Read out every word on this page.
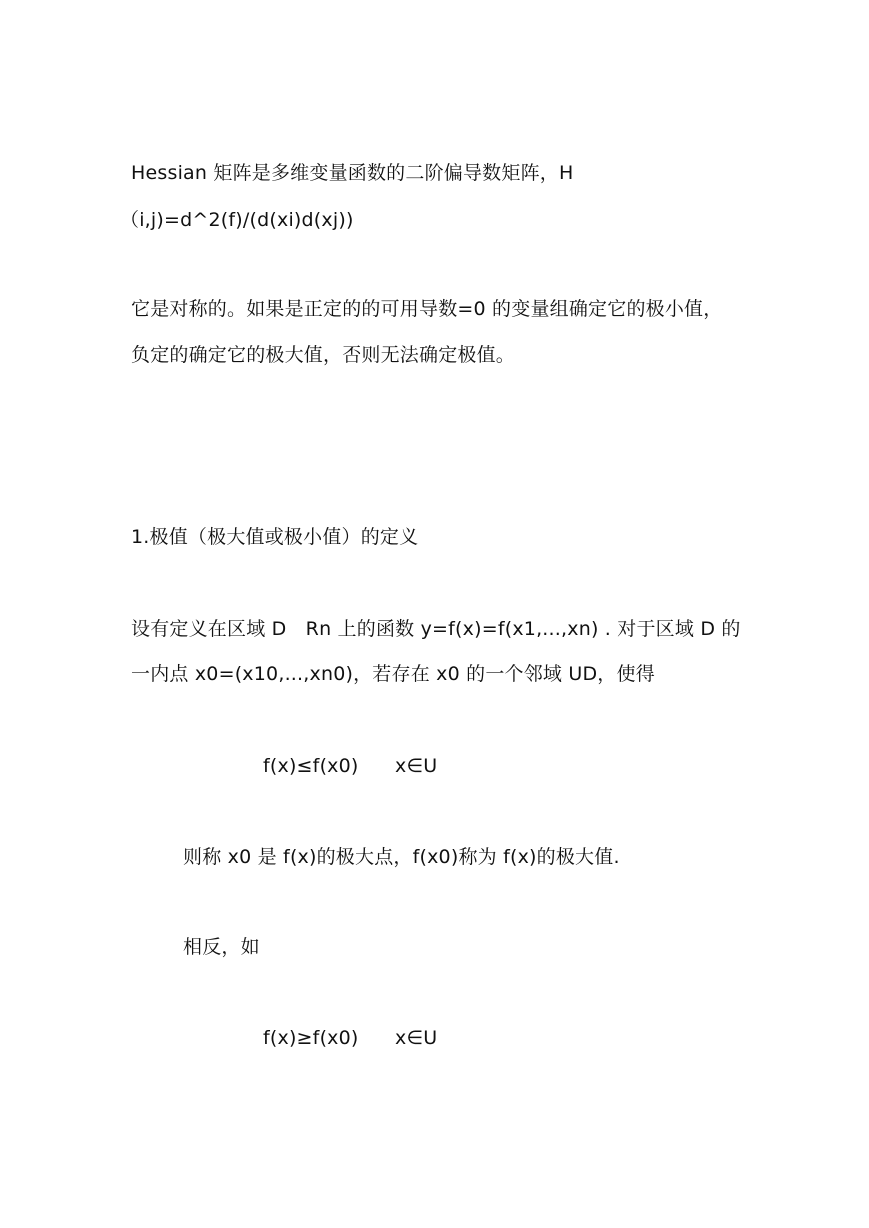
Hessian 矩阵是多维变量函数的二阶偏导数矩阵，H
（i,j)=d^2(f)/(d(xi)d(xj))
它是对称的。如果是正定的的可用导数=0 的变量组确定它的极小值，
负定的确定它的极大值，否则无法确定极值。
1.极值（极大值或极小值）的定义
设有定义在区域 D　Rn 上的函数 y=f(x)=f(x1,...,xn) . 对于区域 D 的
一内点 x0=(x10,...,xn0)，若存在 x0 的一个邻域 UD，使得
f(x)≤f(x0) x∈U
则称 x0 是 f(x)的极大点，f(x0)称为 f(x)的极大值.
相反，如
f(x)≥f(x0) x∈U
